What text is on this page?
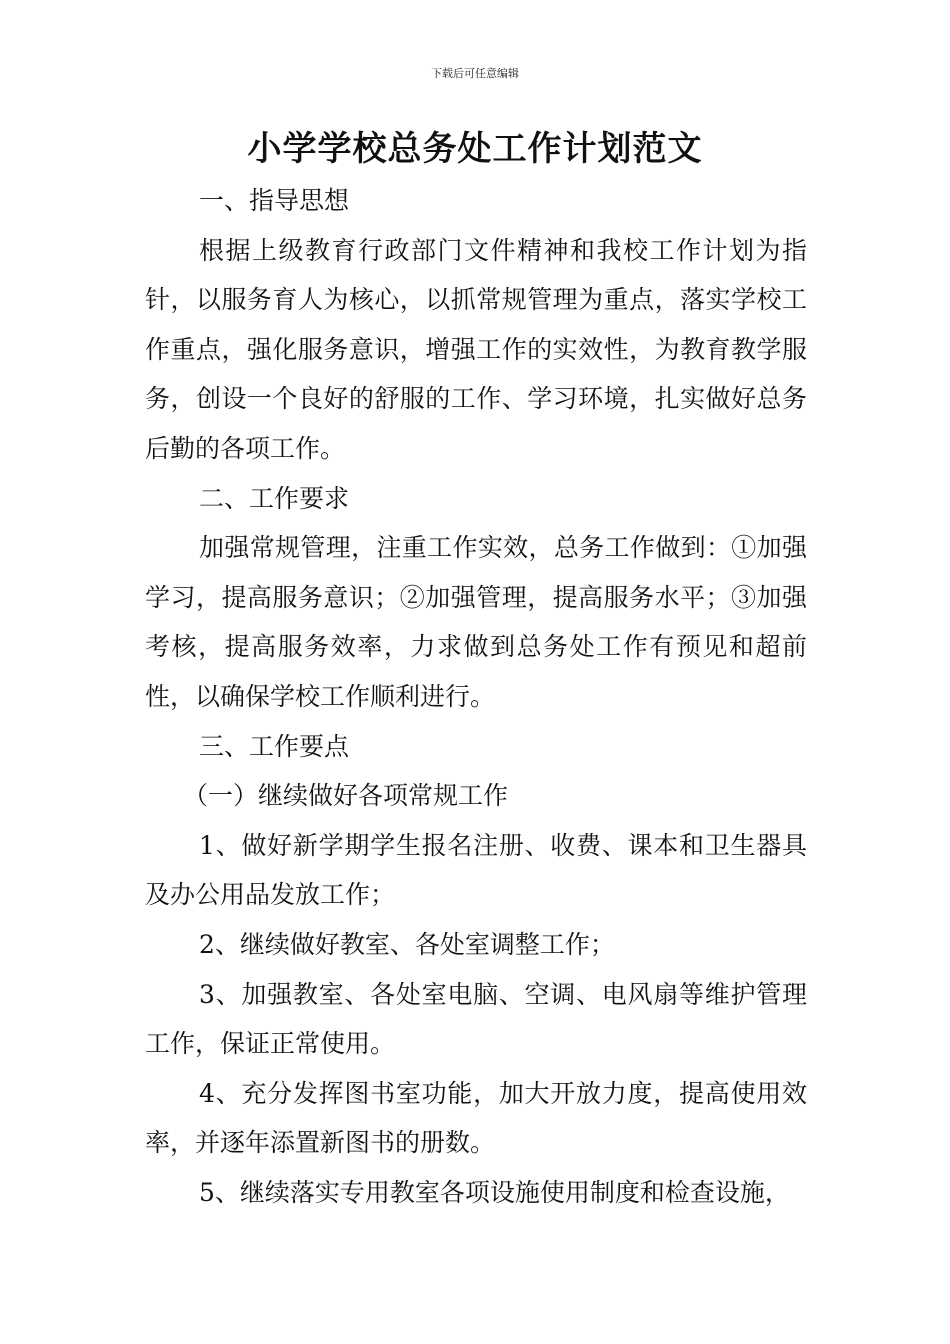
下载后可任意编辑
小学学校总务处工作计划范文

一、指导思想

根据上级教育行政部门文件精神和我校工作计划为指针，以服务育人为核心，以抓常规管理为重点，落实学校工作重点，强化服务意识，增强工作的实效性，为教育教学服务，创设一个良好的舒服的工作、学习环境，扎实做好总务后勤的各项工作。

二、工作要求

加强常规管理，注重工作实效，总务工作做到：①加强学习，提高服务意识；②加强管理，提高服务水平；③加强考核，提高服务效率，力求做到总务处工作有预见和超前性，以确保学校工作顺利进行。

三、工作要点

（一）继续做好各项常规工作

1、做好新学期学生报名注册、收费、课本和卫生器具及办公用品发放工作；

2、继续做好教室、各处室调整工作；

3、加强教室、各处室电脑、空调、电风扇等维护管理工作，保证正常使用。

4、充分发挥图书室功能，加大开放力度，提高使用效率，并逐年添置新图书的册数。

5、继续落实专用教室各项设施使用制度和检查设施，
